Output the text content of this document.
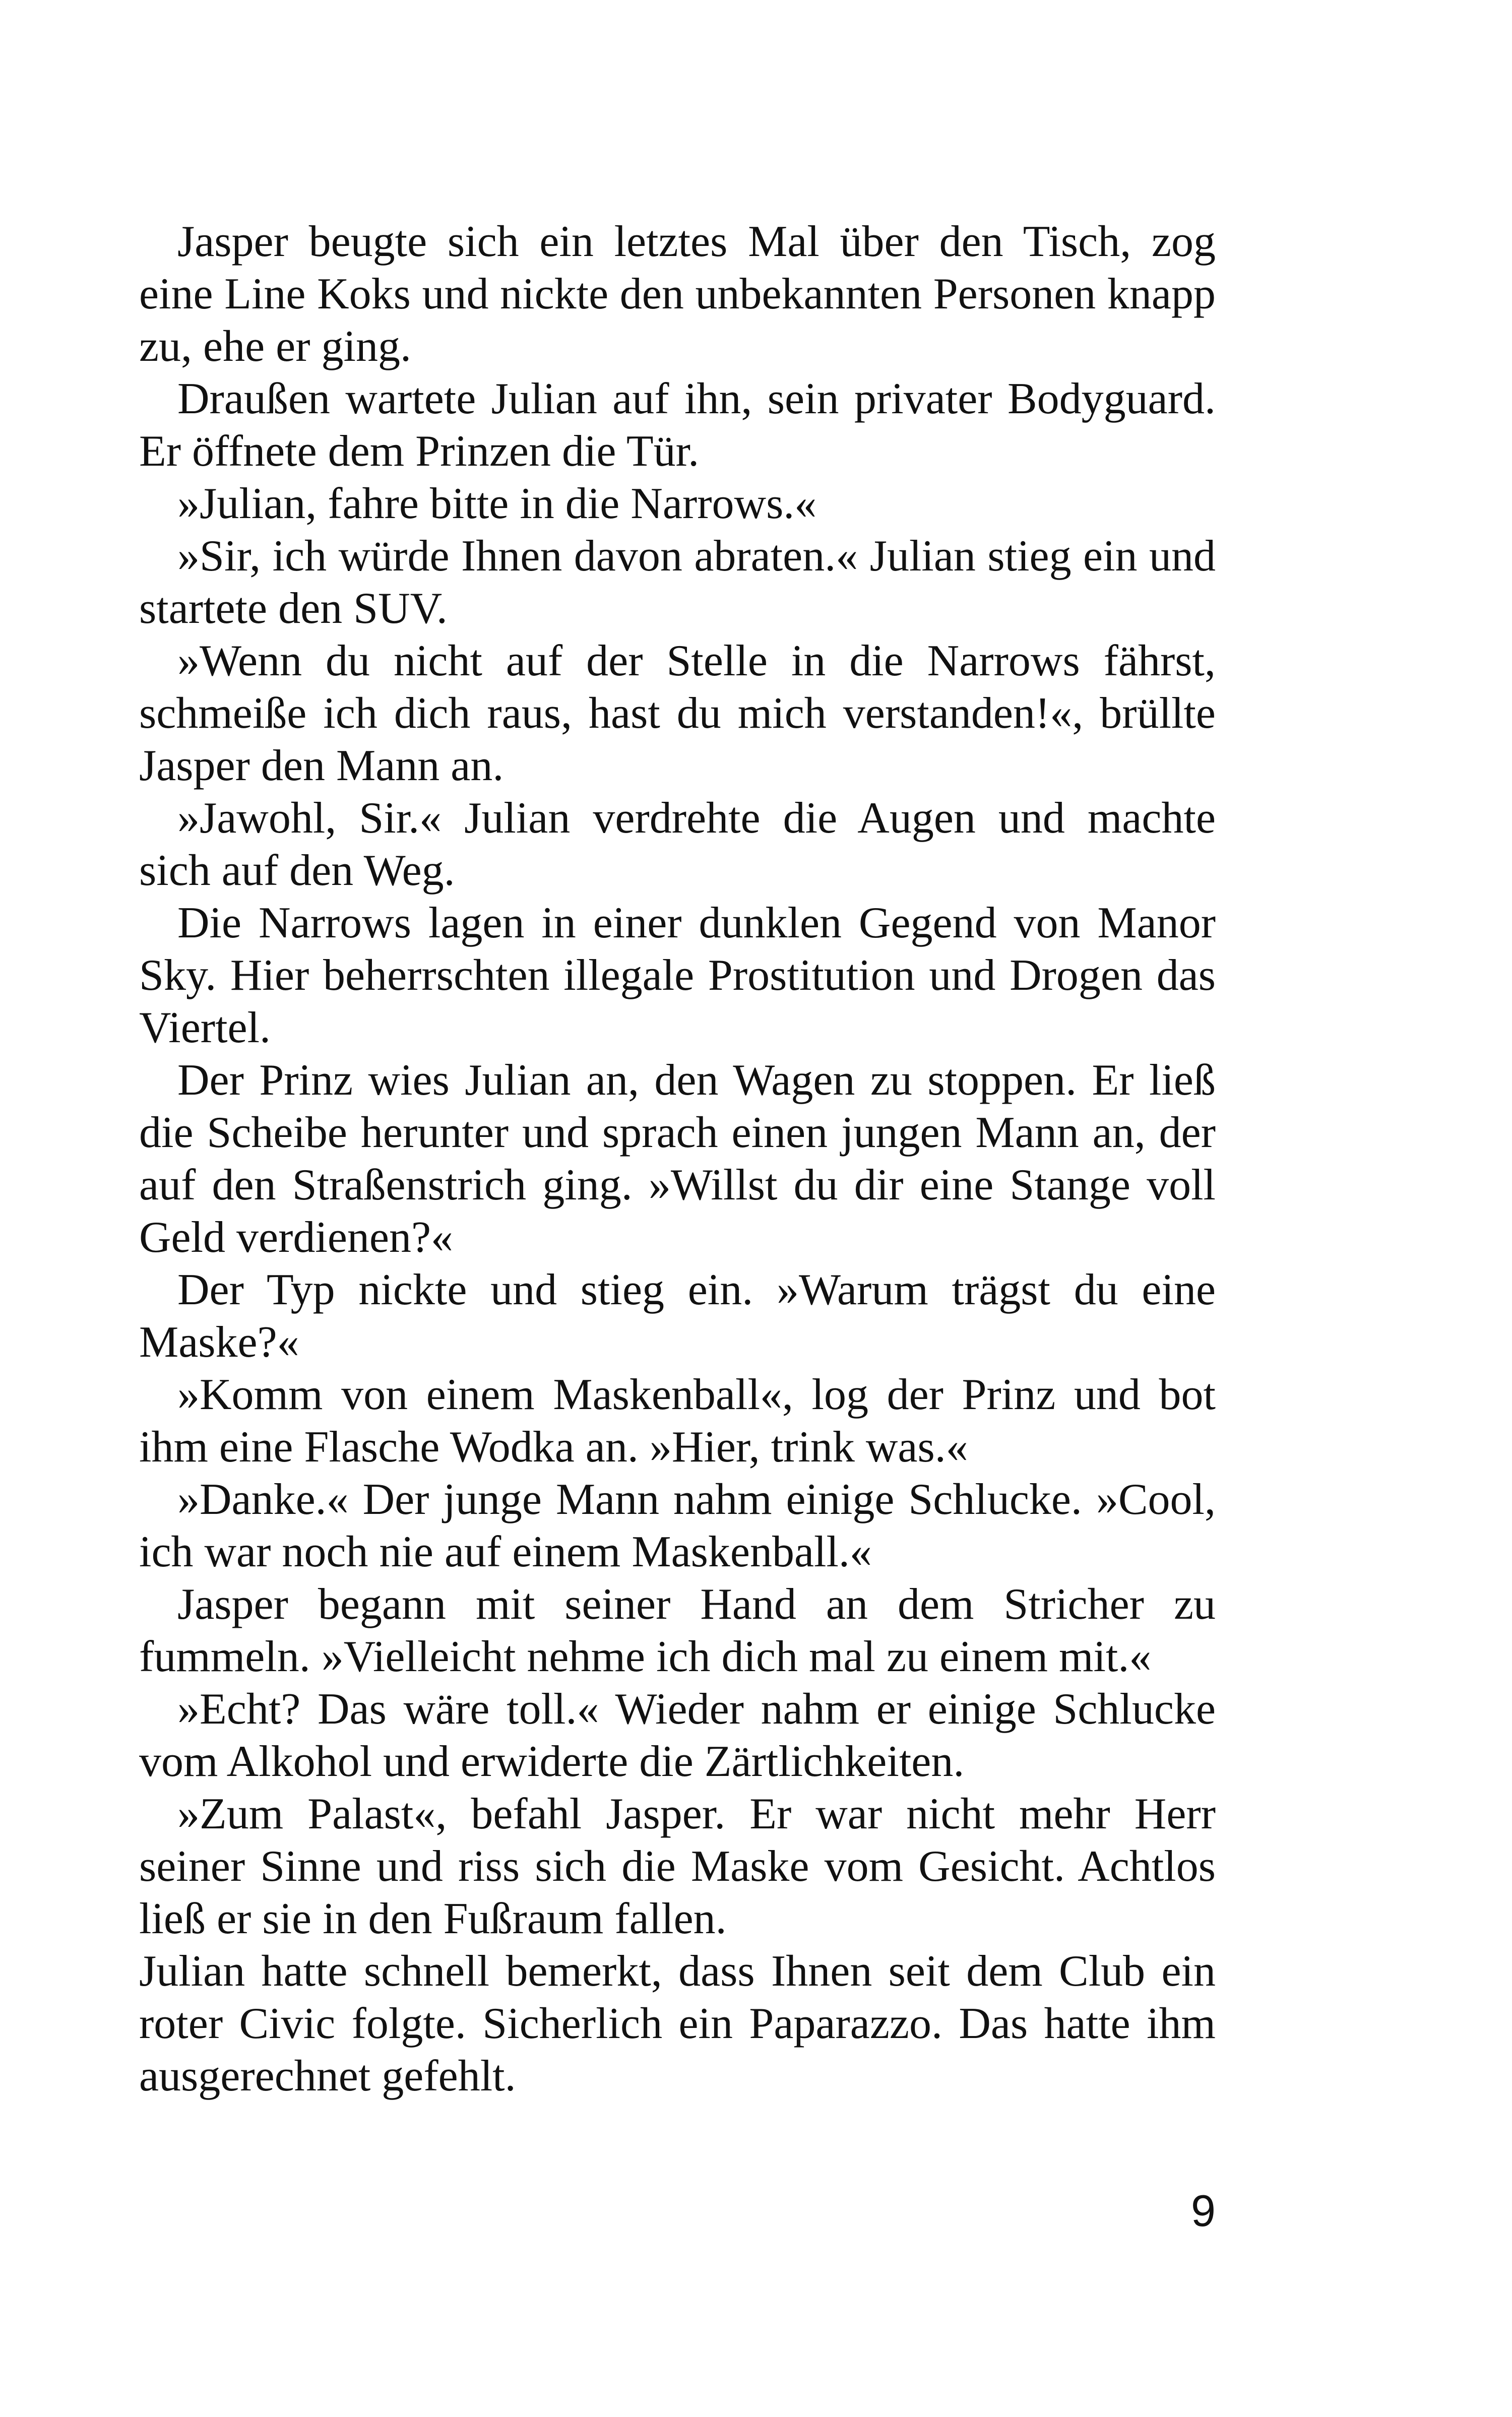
Jasper beugte sich ein letztes Mal über den Tisch, zog eine Line Koks und nickte den unbekannten Personen knapp zu, ehe er ging.

Draußen wartete Julian auf ihn, sein privater Bodyguard. Er öffnete dem Prinzen die Tür.

»Julian, fahre bitte in die Narrows.«

»Sir, ich würde Ihnen davon abraten.« Julian stieg ein und startete den SUV.

»Wenn du nicht auf der Stelle in die Narrows fährst, schmeiße ich dich raus, hast du mich verstanden!«, brüllte Jasper den Mann an.

»Jawohl, Sir.« Julian verdrehte die Augen und machte sich auf den Weg.

Die Narrows lagen in einer dunklen Gegend von Manor Sky. Hier beherrschten illegale Prostitution und Drogen das Viertel.

Der Prinz wies Julian an, den Wagen zu stoppen. Er ließ die Scheibe herunter und sprach einen jungen Mann an, der auf den Straßenstrich ging. »Willst du dir eine Stange voll Geld verdienen?«

Der Typ nickte und stieg ein. »Warum trägst du eine Maske?«

»Komm von einem Maskenball«, log der Prinz und bot ihm eine Flasche Wodka an. »Hier, trink was.«

»Danke.« Der junge Mann nahm einige Schlucke. »Cool, ich war noch nie auf einem Maskenball.«

Jasper begann mit seiner Hand an dem Stricher zu fummeln. »Vielleicht nehme ich dich mal zu einem mit.«

»Echt? Das wäre toll.« Wieder nahm er einige Schlucke vom Alkohol und erwiderte die Zärtlichkeiten.

»Zum Palast«, befahl Jasper. Er war nicht mehr Herr seiner Sinne und riss sich die Maske vom Gesicht. Achtlos ließ er sie in den Fußraum fallen.

Julian hatte schnell bemerkt, dass Ihnen seit dem Club ein roter Civic folgte. Sicherlich ein Paparazzo. Das hatte ihm ausgerechnet gefehlt.

9
